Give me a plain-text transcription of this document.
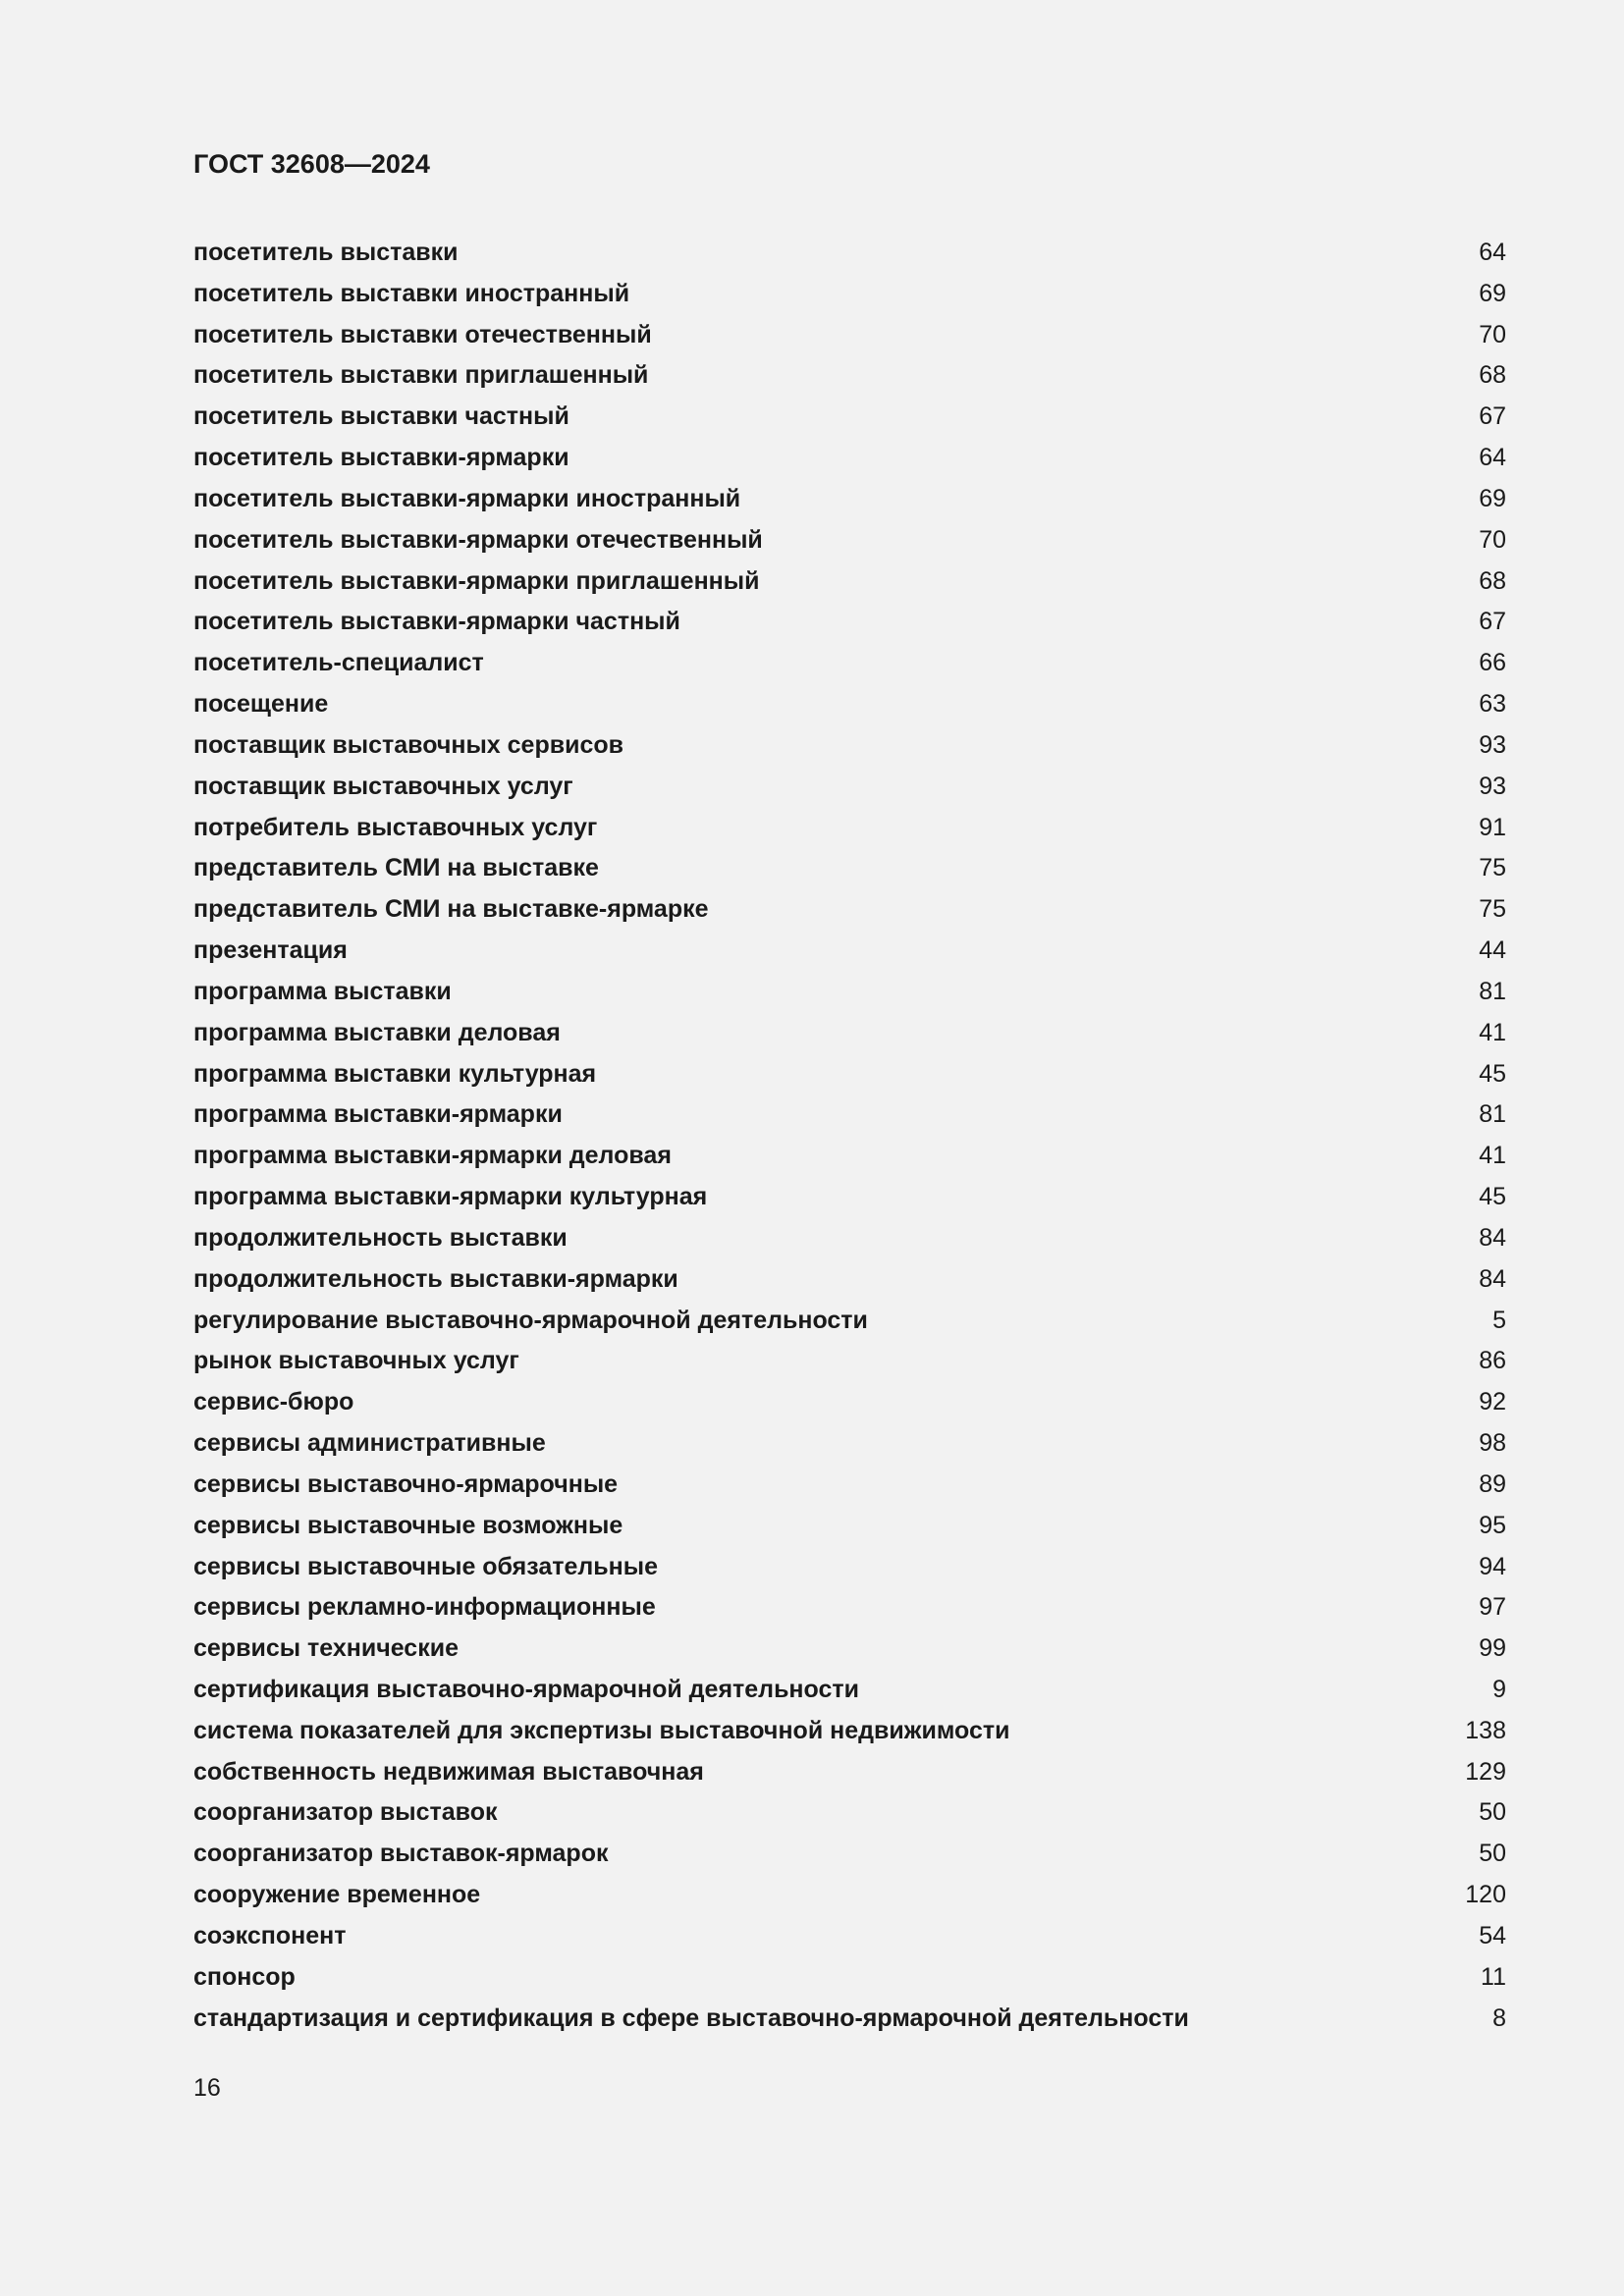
ГОСТ 32608—2024
посетитель выставки	64
посетитель выставки иностранный	69
посетитель выставки отечественный	70
посетитель выставки приглашенный	68
посетитель выставки частный	67
посетитель выставки-ярмарки	64
посетитель выставки-ярмарки иностранный	69
посетитель выставки-ярмарки отечественный	70
посетитель выставки-ярмарки приглашенный	68
посетитель выставки-ярмарки частный	67
посетитель-специалист	66
посещение	63
поставщик выставочных сервисов	93
поставщик выставочных услуг	93
потребитель выставочных услуг	91
представитель СМИ на выставке	75
представитель СМИ на выставке-ярмарке	75
презентация	44
программа выставки	81
программа выставки деловая	41
программа выставки культурная	45
программа выставки-ярмарки	81
программа выставки-ярмарки деловая	41
программа выставки-ярмарки культурная	45
продолжительность выставки	84
продолжительность выставки-ярмарки	84
регулирование выставочно-ярмарочной деятельности	5
рынок выставочных услуг	86
сервис-бюро	92
сервисы административные	98
сервисы выставочно-ярмарочные	89
сервисы выставочные возможные	95
сервисы выставочные обязательные	94
сервисы рекламно-информационные	97
сервисы технические	99
сертификация выставочно-ярмарочной деятельности	9
система показателей для экспертизы выставочной недвижимости	138
собственность недвижимая выставочная	129
соорганизатор выставок	50
соорганизатор выставок-ярмарок	50
сооружение временное	120
соэкспонент	54
спонсор	11
стандартизация и сертификация в сфере выставочно-ярмарочной деятельности	8
16
